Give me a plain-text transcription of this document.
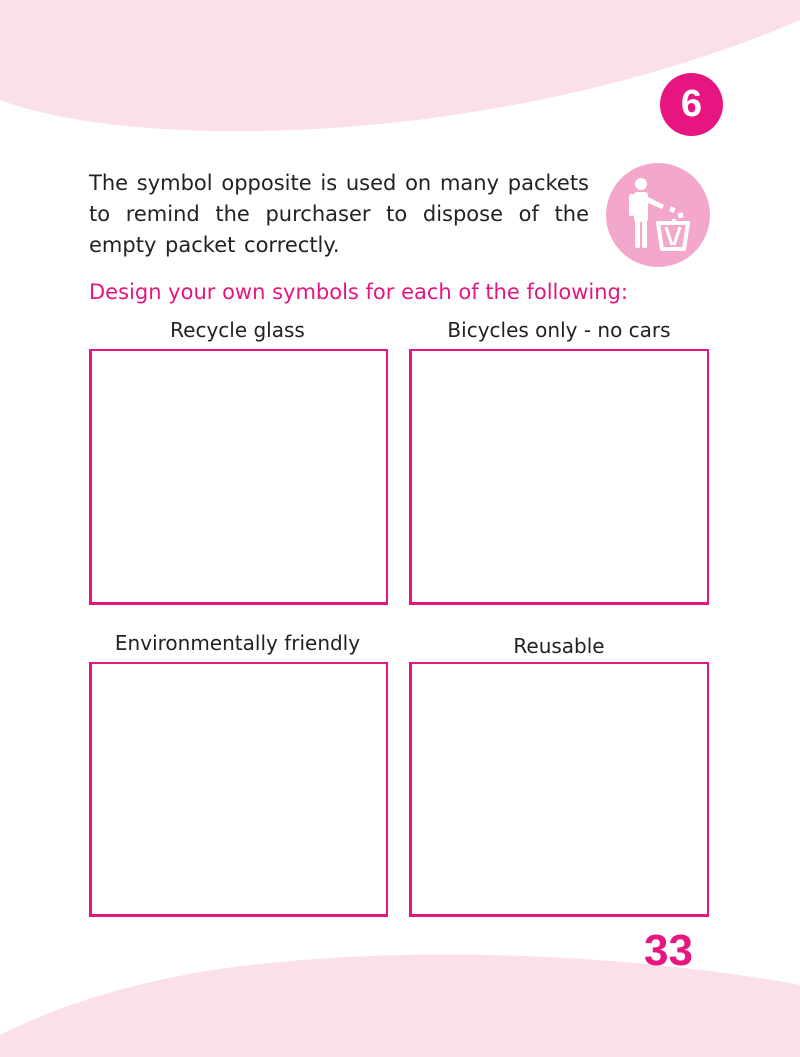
6

The symbol opposite is used on many packets to remind the purchaser to dispose of the empty packet correctly.

Design your own symbols for each of the following:

Recycle glass	Bicycles only - no cars
Environmentally friendly	Reusable
33
